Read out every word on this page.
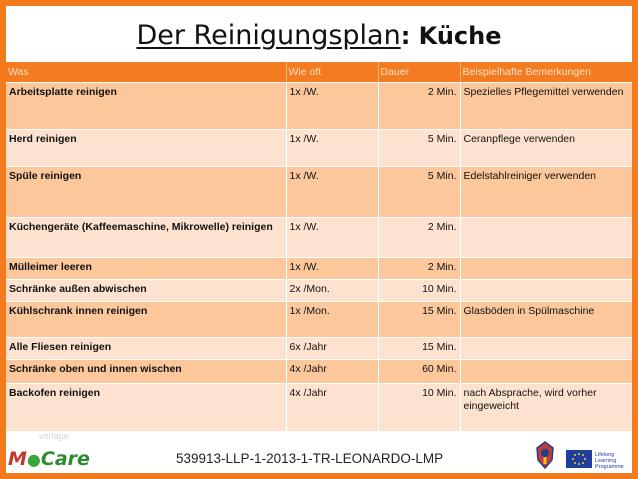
Der Reinigungsplan: Küche
Was	Wie oft	Dauer	Beispielhafte Bemerkungen
Arbeitsplatte reinigen	1x /W.	2 Min.	Spezielles Pflegemittel verwenden
Herd reinigen	1x /W.	5 Min.	Ceranpflege verwenden
Spüle reinigen	1x /W.	5 Min.	Edelstahlreiniger verwenden
Küchengeräte (Kaffeemaschine, Mikrowelle) reinigen	1x /W.	2 Min.	
Mülleimer leeren	1x /W.	2 Min.	
Schränke außen abwischen	2x /Mon.	10 Min.	
Kühlschrank innen reinigen	1x /Mon.	15 Min.	Glasböden in Spülmaschine
Alle Fliesen reinigen	6x /Jahr	15 Min.	
Schränke oben und innen wischen	4x /Jahr	60 Min.	
Backofen reinigen	4x /Jahr	10 Min.	nach Absprache, wird vorher eingeweicht
vorlage
M●Care	539913-LLP-1-2013-1-TR-LEONARDO-LMP	Lifelong
Learning
Programme
